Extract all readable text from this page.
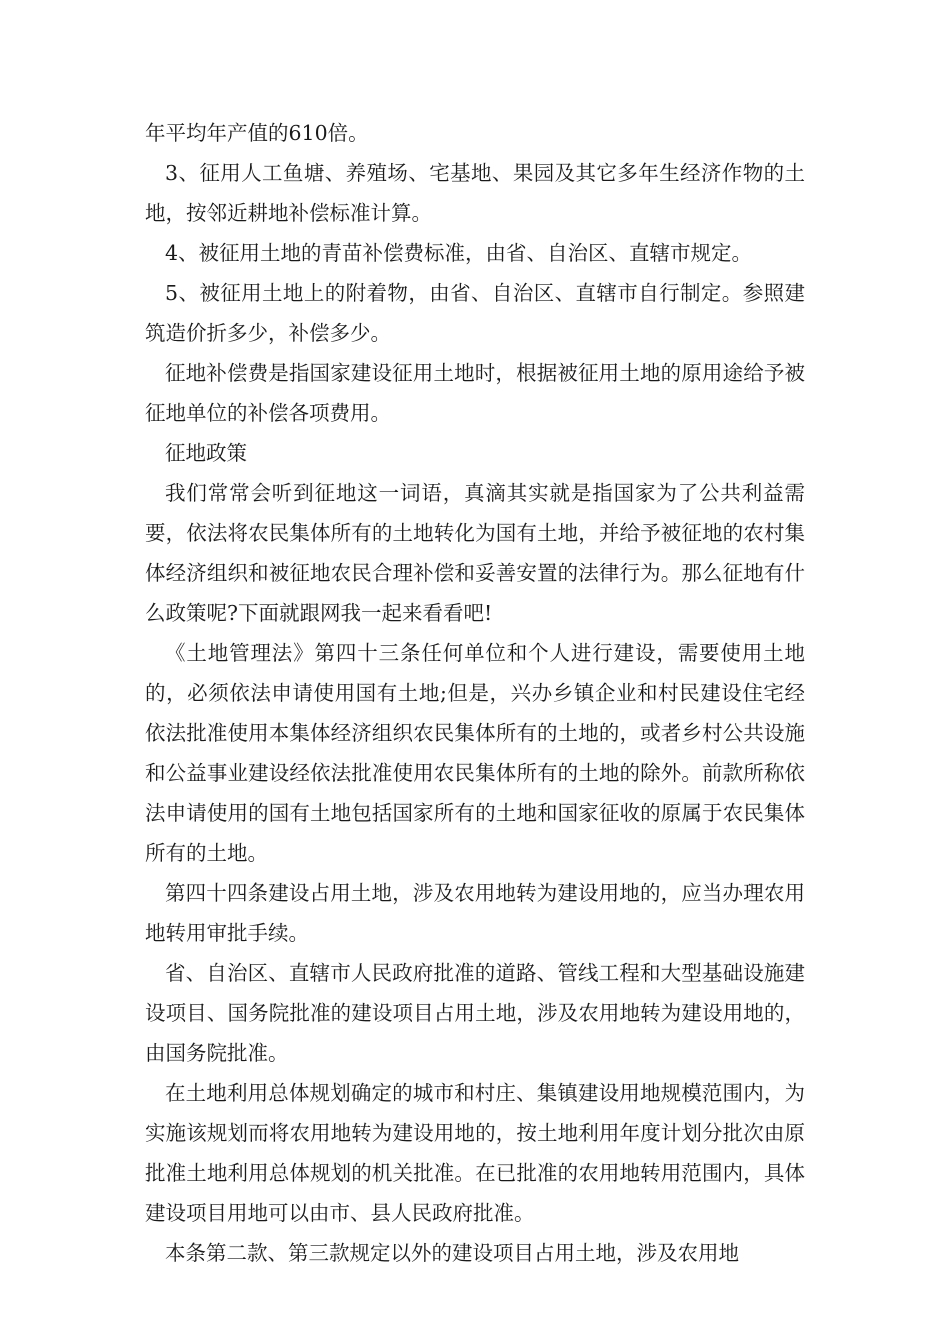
年平均年产值的610倍。

3、征用人工鱼塘、养殖场、宅基地、果园及其它多年生经济作物的土地，按邻近耕地补偿标准计算。

4、被征用土地的青苗补偿费标准，由省、自治区、直辖市规定。

5、被征用土地上的附着物，由省、自治区、直辖市自行制定。参照建筑造价折多少，补偿多少。

征地补偿费是指国家建设征用土地时，根据被征用土地的原用途给予被征地单位的补偿各项费用。

征地政策

我们常常会听到征地这一词语，真滴其实就是指国家为了公共利益需要，依法将农民集体所有的土地转化为国有土地，并给予被征地的农村集体经济组织和被征地农民合理补偿和妥善安置的法律行为。那么征地有什么政策呢?下面就跟网我一起来看看吧!

《土地管理法》第四十三条任何单位和个人进行建设，需要使用土地的，必须依法申请使用国有土地;但是，兴办乡镇企业和村民建设住宅经依法批准使用本集体经济组织农民集体所有的土地的，或者乡村公共设施和公益事业建设经依法批准使用农民集体所有的土地的除外。前款所称依法申请使用的国有土地包括国家所有的土地和国家征收的原属于农民集体所有的土地。

第四十四条建设占用土地，涉及农用地转为建设用地的，应当办理农用地转用审批手续。

省、自治区、直辖市人民政府批准的道路、管线工程和大型基础设施建设项目、国务院批准的建设项目占用土地，涉及农用地转为建设用地的，由国务院批准。

在土地利用总体规划确定的城市和村庄、集镇建设用地规模范围内，为实施该规划而将农用地转为建设用地的，按土地利用年度计划分批次由原批准土地利用总体规划的机关批准。在已批准的农用地转用范围内，具体建设项目用地可以由市、县人民政府批准。

本条第二款、第三款规定以外的建设项目占用土地，涉及农用地
